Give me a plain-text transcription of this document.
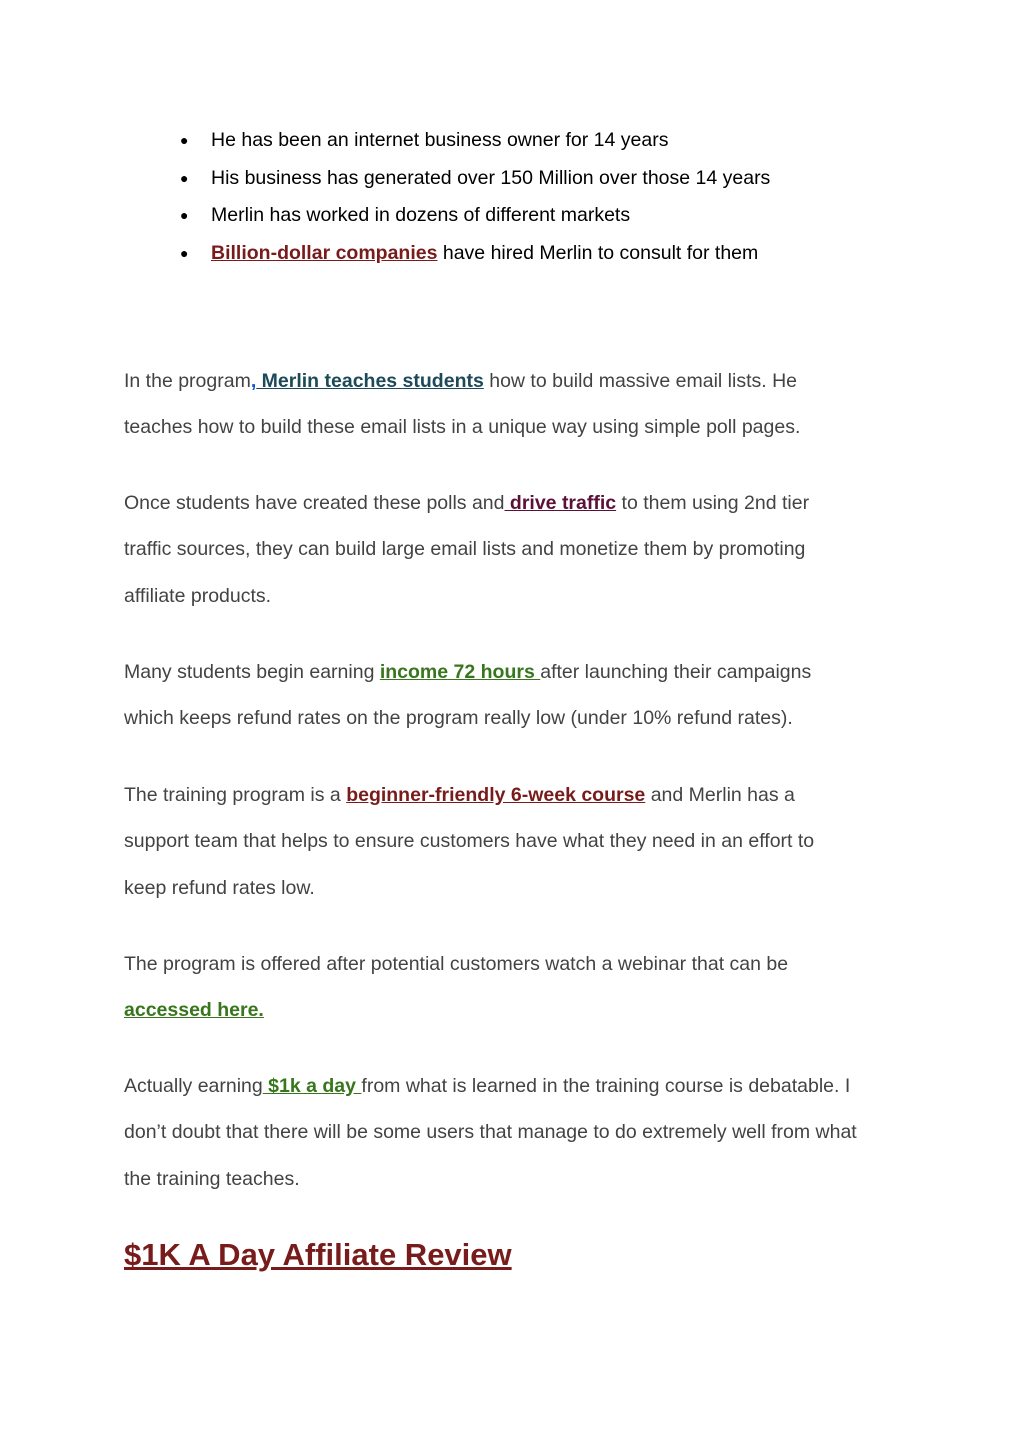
● He has been an internet business owner for 14 years
● His business has generated over 150 Million over those 14 years
● Merlin has worked in dozens of different markets
● Billion-dollar companies have hired Merlin to consult for them

In the program, Merlin teaches students how to build massive email lists. He
teaches how to build these email lists in a unique way using simple poll pages.

Once students have created these polls and drive traffic to them using 2nd tier
traffic sources, they can build large email lists and monetize them by promoting
affiliate products.

Many students begin earning income 72 hours after launching their campaigns
which keeps refund rates on the program really low (under 10% refund rates).

The training program is a beginner-friendly 6-week course and Merlin has a
support team that helps to ensure customers have what they need in an effort to
keep refund rates low.

The program is offered after potential customers watch a webinar that can be
accessed here.

Actually earning $1k a day from what is learned in the training course is debatable. I
don’t doubt that there will be some users that manage to do extremely well from what
the training teaches.

$1K A Day Affiliate Review
